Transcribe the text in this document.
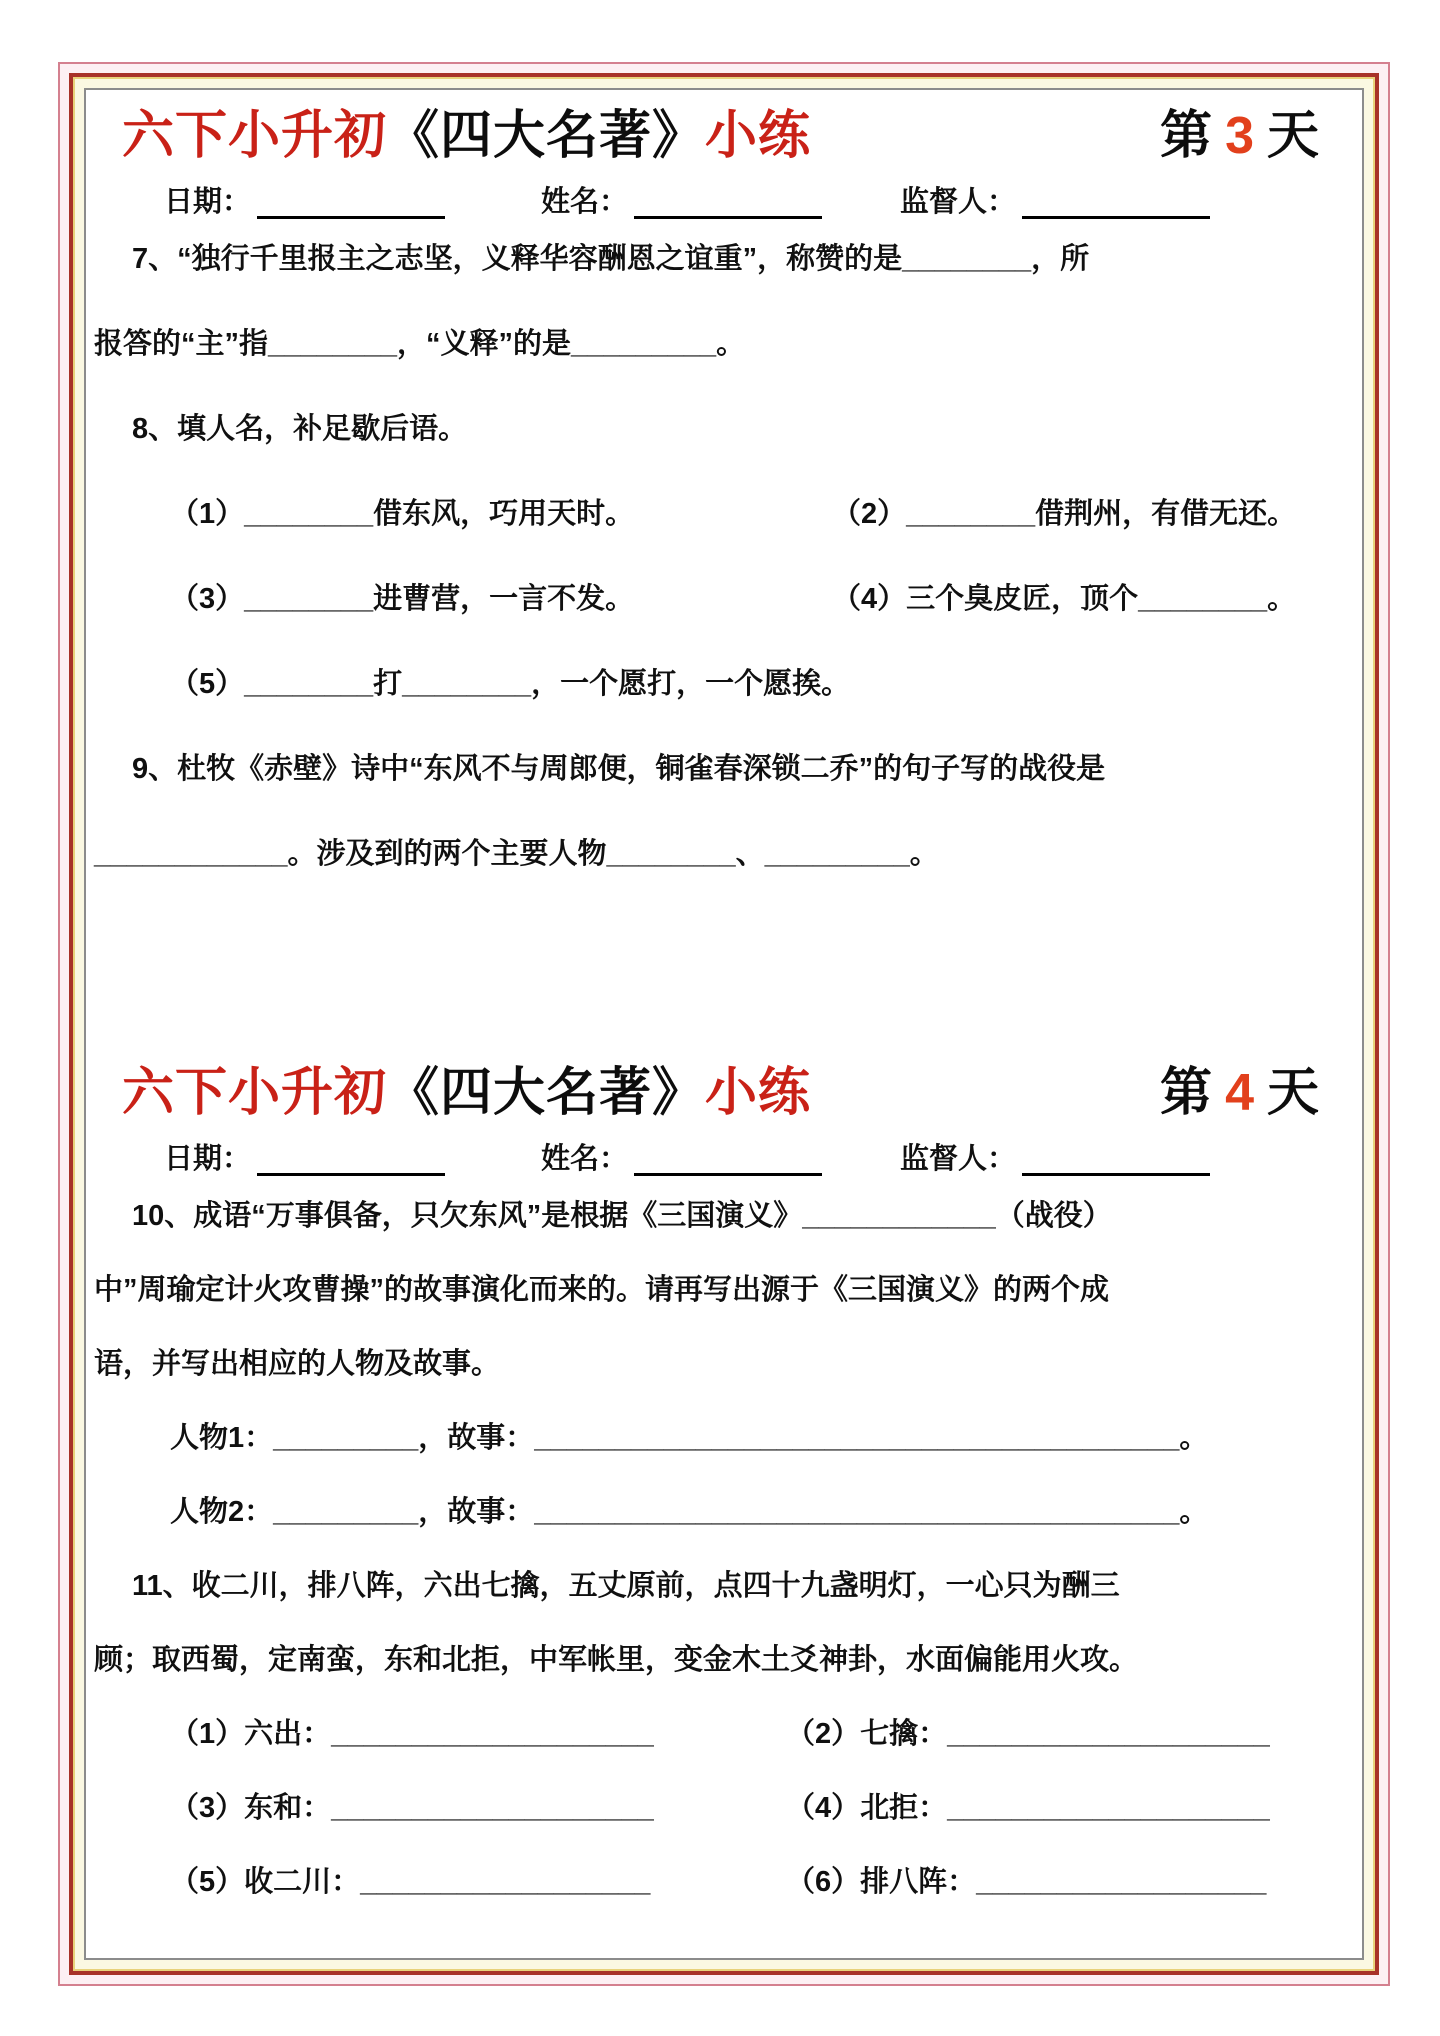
六下小升初《四大名著》小练	第 3 天
日期：	姓名：	监督人：
7、“独行千里报主之志坚，义释华容酬恩之谊重”，称赞的是________，所
报答的“主”指________，“义释”的是_________。
8、填人名，补足歇后语。
（1）________借东风，巧用天时。	（2）________借荆州，有借无还。
（3）________进曹营，一言不发。	（4）三个臭皮匠，顶个________。
（5）________打________，一个愿打，一个愿挨。
9、杜牧《赤壁》诗中“东风不与周郎便，铜雀春深锁二乔”的句子写的战役是
____________。涉及到的两个主要人物________、_________。
六下小升初《四大名著》小练	第 4 天
日期：	姓名：	监督人：
10、成语“万事俱备，只欠东风”是根据《三国演义》____________（战役）
中”周瑜定计火攻曹操”的故事演化而来的。请再写出源于《三国演义》的两个成
语，并写出相应的人物及故事。
人物1：_________，故事：________________________________________。
人物2：_________，故事：________________________________________。
11、收二川，排八阵，六出七擒，五丈原前，点四十九盏明灯，一心只为酬三
顾；取西蜀，定南蛮，东和北拒，中军帐里，变金木土爻神卦，水面偏能用火攻。
（1）六出：____________________	（2）七擒：____________________
（3）东和：____________________	（4）北拒：____________________
（5）收二川：__________________	（6）排八阵：__________________
